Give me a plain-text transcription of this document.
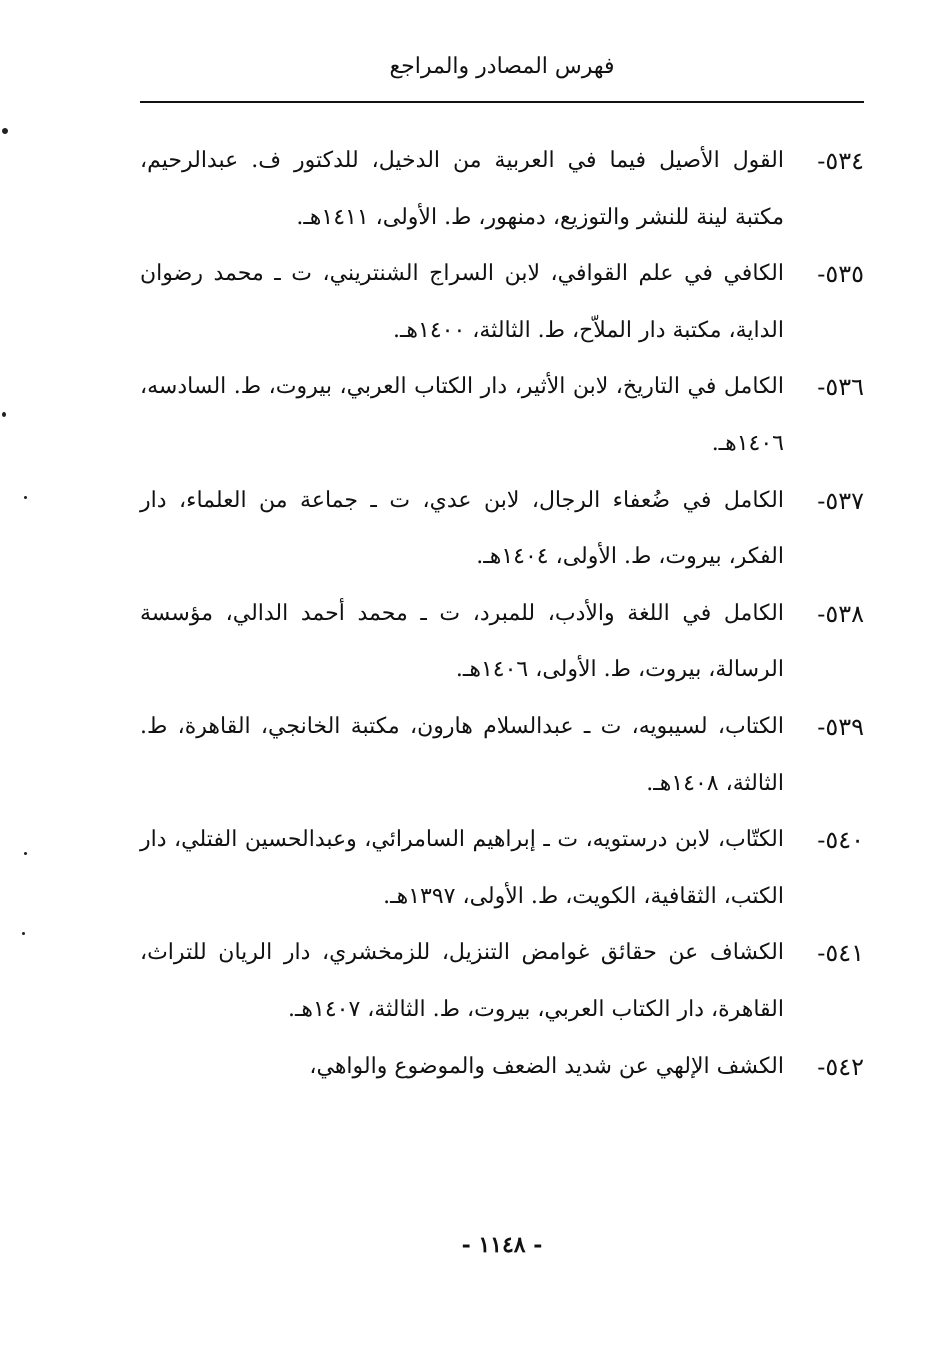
فهرس المصادر والمراجع
٥٣٤-
القول الأصيل فيما في العربية من الدخيل، للدكتور ف. عبدالرحيم، مكتبة لينة للنشر والتوزيع، دمنهور، ط. الأولى، ١٤١١هـ.
٥٣٥-
الكافي في علم القوافي، لابن السراج الشنتريني، ت ـ محمد رضوان الداية، مكتبة دار الملاّح، ط. الثالثة، ١٤٠٠هـ.
٥٣٦-
الكامل في التاريخ، لابن الأثير، دار الكتاب العربي، بيروت، ط. السادسه، ١٤٠٦هـ.
٥٣٧-
الكامل في ضُعفاء الرجال، لابن عدي، ت ـ جماعة من العلماء، دار الفكر، بيروت، ط. الأولى، ١٤٠٤هـ.
٥٣٨-
الكامل في اللغة والأدب، للمبرد، ت ـ محمد أحمد الدالي، مؤسسة الرسالة، بيروت، ط. الأولى، ١٤٠٦هـ.
٥٣٩-
الكتاب، لسيبويه، ت ـ عبدالسلام هارون، مكتبة الخانجي، القاهرة، ط. الثالثة، ١٤٠٨هـ.
٥٤٠-
الكتّاب، لابن درستويه، ت ـ إبراهيم السامرائي، وعبدالحسين الفتلي، دار الكتب، الثقافية، الكويت، ط. الأولى، ١٣٩٧هـ.
٥٤١-
الكشاف عن حقائق غوامض التنزيل، للزمخشري، دار الريان للتراث، القاهرة، دار الكتاب العربي، بيروت، ط. الثالثة، ١٤٠٧هـ.
٥٤٢-
الكشف الإلهي عن شديد الضعف والموضوع والواهي،
- ١١٤٨ -
